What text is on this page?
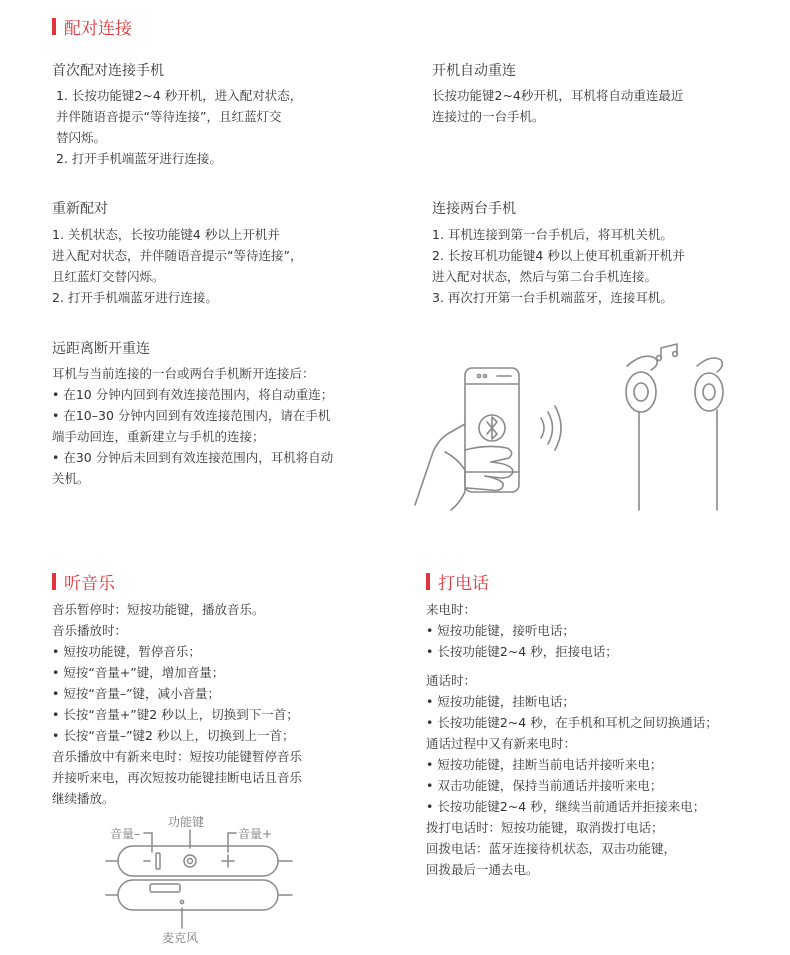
配对连接
首次配对连接手机
1. 长按功能键2~4 秒开机，进入配对状态，
并伴随语音提示“等待连接”，且红蓝灯交
替闪烁。
2. 打开手机端蓝牙进行连接。
开机自动重连
长按功能键2~4秒开机，耳机将自动重连最近
连接过的一台手机。
重新配对
1. 关机状态，长按功能键4 秒以上开机并
进入配对状态，并伴随语音提示“等待连接”，
且红蓝灯交替闪烁。
2. 打开手机端蓝牙进行连接。
连接两台手机
1. 耳机连接到第一台手机后，将耳机关机。
2. 长按耳机功能键4 秒以上使耳机重新开机并
进入配对状态，然后与第二台手机连接。
3. 再次打开第一台手机端蓝牙，连接耳机。
远距离断开重连
耳机与当前连接的一台或两台手机断开连接后：
• 在10 分钟内回到有效连接范围内，将自动重连；
• 在10–30 分钟内回到有效连接范围内，请在手机
端手动回连，重新建立与手机的连接；
• 在30 分钟后未回到有效连接范围内，耳机将自动
关机。
听音乐
音乐暂停时：短按功能键，播放音乐。
音乐播放时：
• 短按功能键，暂停音乐；
• 短按“音量+”键，增加音量；
• 短按“音量–”键，减小音量；
• 长按“音量+”键2 秒以上，切换到下一首；
• 长按“音量–”键2 秒以上，切换到上一首；
音乐播放中有新来电时：短按功能键暂停音乐
并接听来电，再次短按功能键挂断电话且音乐
继续播放。
音量–
功能键
音量+
麦克风
打电话
来电时：
• 短按功能键，接听电话；
• 长按功能键2~4 秒，拒接电话；
通话时：
• 短按功能键，挂断电话；
• 长按功能键2~4 秒，在手机和耳机之间切换通话；
通话过程中又有新来电时：
• 短按功能键，挂断当前电话并接听来电；
• 双击功能键，保持当前通话并接听来电；
• 长按功能键2~4 秒，继续当前通话并拒接来电；
拨打电话时：短按功能键，取消拨打电话；
回拨电话：蓝牙连接待机状态，双击功能键，
回拨最后一通去电。
